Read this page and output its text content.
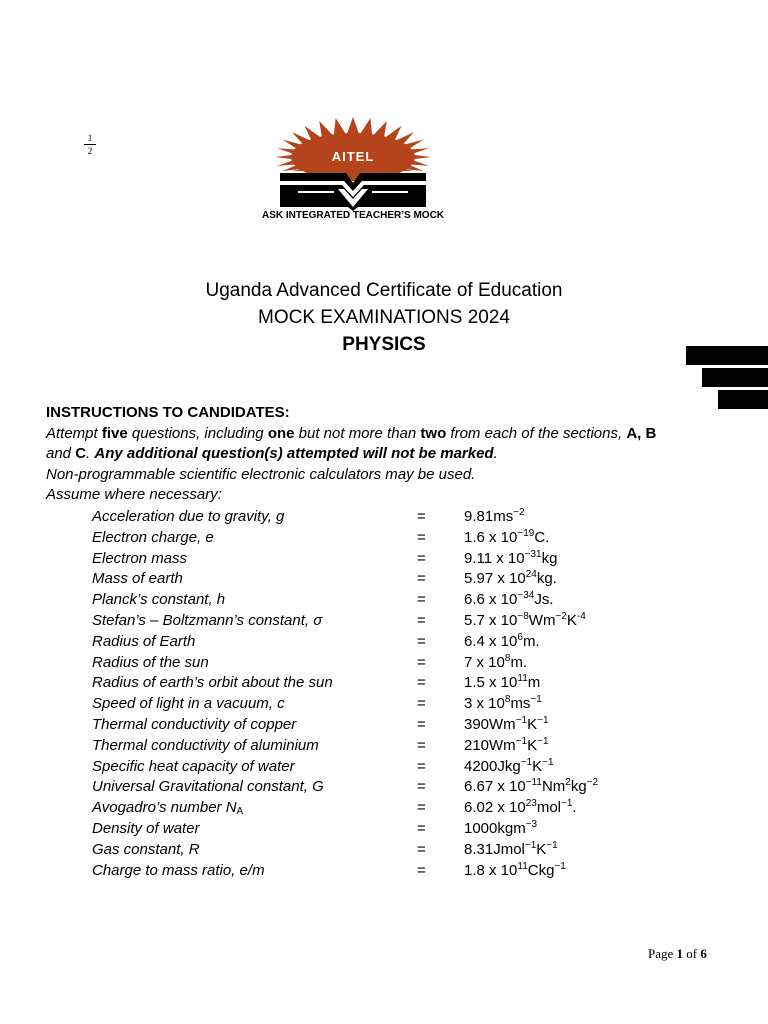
1
2	AITEL
ASK INTEGRATED TEACHER’S MOCK
Uganda Advanced Certificate of Education
MOCK EXAMINATIONS 2024
PHYSICS
INSTRUCTIONS TO CANDIDATES:
Attempt five questions, including one but not more than two from each of the sections, A, B
and C. Any additional question(s) attempted will not be marked.
Non-programmable scientific electronic calculators may be used.
Assume where necessary:
Acceleration due to gravity, g	=	$9.81ms^{-2}$
Electron charge, e	=	1.6 x $10^{-19}C$.
Electron mass	=	9.11 x $10^{-31}kg$
Mass of earth	=	5.97 x $10^{24}kg$.
Planck’s constant, h	=	6.6 x $10^{-34}Js$.
Stefan’s – Boltzmann’s constant, σ	=	5.7 x $10^{-8}Wm^{-2}K^{-4}$
Radius of Earth	=	6.4 x $10^6m$.
Radius of the sun	=	7 x $10^8m$.
Radius of earth’s orbit about the sun	=	1.5 x $10^{11}m$
Speed of light in a vacuum, c	=	3 x $10^8ms^{-1}$
Thermal conductivity of copper	=	$390Wm^{-1}K^{-1}$
Thermal conductivity of aluminium	=	$210Wm^{-1}K^{-1}$
Specific heat capacity of water	=	$4200Jkg^{-1}K^{-1}$
Universal Gravitational constant, G	=	6.67 x $10^{-11}Nm^2kg^{-2}$
Avogadro’s number $N_A$	=	6.02 x $10^{23}mol^{-1}$.
Density of water	=	1000kgm$^{-3}$
Gas constant, R	=	$8.31Jmol^{-1}K^{-1}$
Charge to mass ratio, e/m	=	1.8 x $10^{11}Ckg^{-1}$
Page 1 of 6
